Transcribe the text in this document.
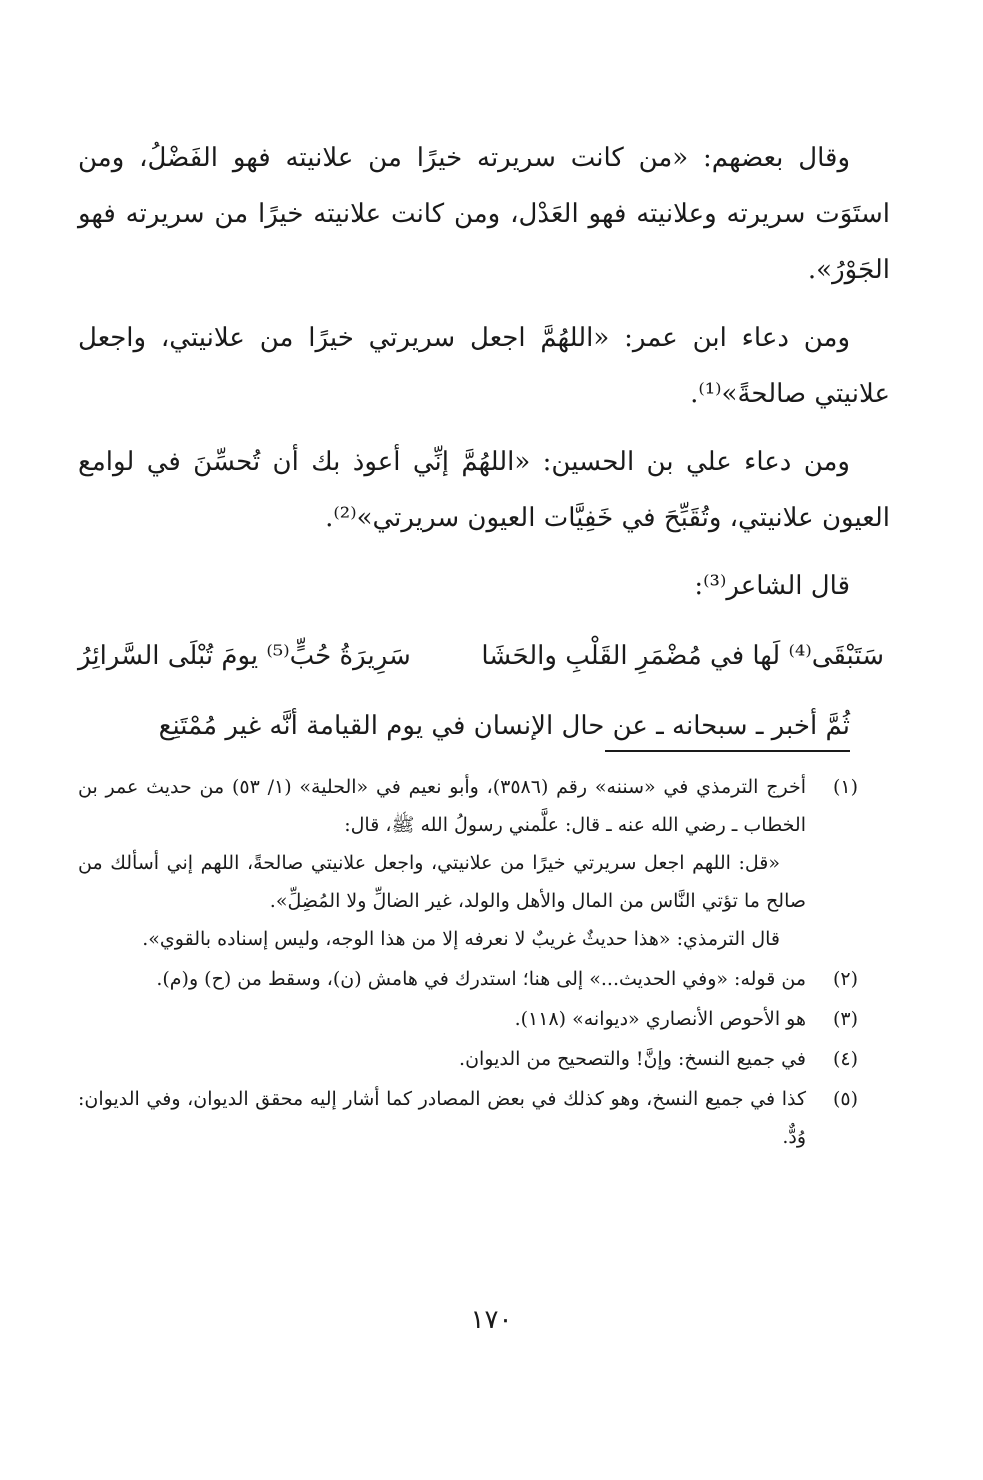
وقال بعضهم: «من كانت سريرته خيرًا من علانيته فهو الفَضْلُ، ومن استَوَت سريرته وعلانيته فهو العَدْل، ومن كانت علانيته خيرًا من سريرته فهو الجَوْرُ».

ومن دعاء ابن عمر: «اللهُمَّ اجعل سريرتي خيرًا من علانيتي، واجعل علانيتي صالحةً»⁽¹⁾.

ومن دعاء علي بن الحسين: «اللهُمَّ إنِّي أعوذ بك أن تُحسِّنَ في لوامع العيون علانيتي، وتُقَبِّحَ في خَفِيَّات العيون سريرتي»⁽²⁾.

قال الشاعر⁽³⁾:

سَتَبْقَى⁽⁴⁾ لَها في مُضْمَرِ القَلْبِ والحَشَا
سَرِيرَةُ حُبٍّ⁽⁵⁾ يومَ تُبْلَى السَّرائِرُ

ثُمَّ أخبر ـ سبحانه ـ عن حال الإنسان في يوم القيامة أنَّه غير مُمْتَنِع

(١)

أخرج الترمذي في «سننه» رقم (٣٥٨٦)، وأبو نعيم في «الحلية» (١/ ٥٣) من حديث عمر بن الخطاب ـ رضي الله عنه ـ قال: علَّمني رسولُ الله ﷺ، قال:

«قل: اللهم اجعل سريرتي خيرًا من علانيتي، واجعل علانيتي صالحةً، اللهم إني أسألك من صالح ما تؤتي النَّاس من المال والأهل والولد، غير الضالِّ ولا المُضِلِّ».

قال الترمذي: «هذا حديثٌ غريبٌ لا نعرفه إلا من هذا الوجه، وليس إسناده بالقوي».

(٢)

من قوله: «وفي الحديث...» إلى هنا؛ استدرك في هامش (ن)، وسقط من (ح) و(م).

(٣)

هو الأحوص الأنصاري «ديوانه» (١١٨).

(٤)

في جميع النسخ: وإنَّ! والتصحيح من الديوان.

(٥)

كذا في جميع النسخ، وهو كذلك في بعض المصادر كما أشار إليه محقق الديوان، وفي الديوان: وُدٌّ.

١٧٠
